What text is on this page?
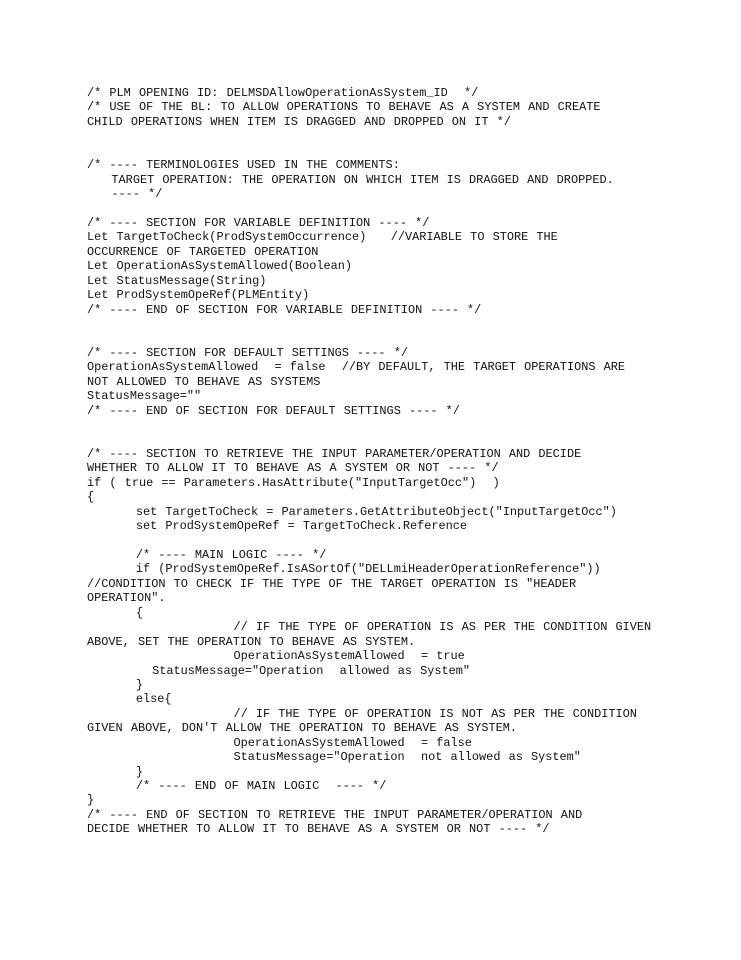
/* PLM OPENING ID: DELMSDAllowOperationAsSystem_ID  */
/* USE OF THE BL: TO ALLOW OPERATIONS TO BEHAVE AS A SYSTEM AND CREATE
CHILD OPERATIONS WHEN ITEM IS DRAGGED AND DROPPED ON IT */
/* ---- TERMINOLOGIES USED IN THE COMMENTS:
TARGET OPERATION: THE OPERATION ON WHICH ITEM IS DRAGGED AND DROPPED.
---- */
/* ---- SECTION FOR VARIABLE DEFINITION ---- */
Let TargetToCheck(ProdSystemOccurrence)   //VARIABLE TO STORE THE
OCCURRENCE OF TARGETED OPERATION
Let OperationAsSystemAllowed(Boolean)
Let StatusMessage(String)
Let ProdSystemOpeRef(PLMEntity)
/* ---- END OF SECTION FOR VARIABLE DEFINITION ---- */
/* ---- SECTION FOR DEFAULT SETTINGS ---- */
OperationAsSystemAllowed  = false  //BY DEFAULT, THE TARGET OPERATIONS ARE
NOT ALLOWED TO BEHAVE AS SYSTEMS
StatusMessage=""
/* ---- END OF SECTION FOR DEFAULT SETTINGS ---- */
/* ---- SECTION TO RETRIEVE THE INPUT PARAMETER/OPERATION AND DECIDE
WHETHER TO ALLOW IT TO BEHAVE AS A SYSTEM OR NOT ---- */
if ( true == Parameters.HasAttribute("InputTargetOcc")  )
{
set TargetToCheck = Parameters.GetAttributeObject("InputTargetOcc")
set ProdSystemOpeRef = TargetToCheck.Reference
/* ---- MAIN LOGIC ---- */
if (ProdSystemOpeRef.IsASortOf("DELLmiHeaderOperationReference"))
//CONDITION TO CHECK IF THE TYPE OF THE TARGET OPERATION IS "HEADER
OPERATION".
{
// IF THE TYPE OF OPERATION IS AS PER THE CONDITION GIVEN
ABOVE, SET THE OPERATION TO BEHAVE AS SYSTEM.
OperationAsSystemAllowed  = true
StatusMessage="Operation  allowed as System"
}
else{
// IF THE TYPE OF OPERATION IS NOT AS PER THE CONDITION
GIVEN ABOVE, DON'T ALLOW THE OPERATION TO BEHAVE AS SYSTEM.
OperationAsSystemAllowed  = false
StatusMessage="Operation  not allowed as System"
}
/* ---- END OF MAIN LOGIC  ---- */
}
/* ---- END OF SECTION TO RETRIEVE THE INPUT PARAMETER/OPERATION AND
DECIDE WHETHER TO ALLOW IT TO BEHAVE AS A SYSTEM OR NOT ---- */
